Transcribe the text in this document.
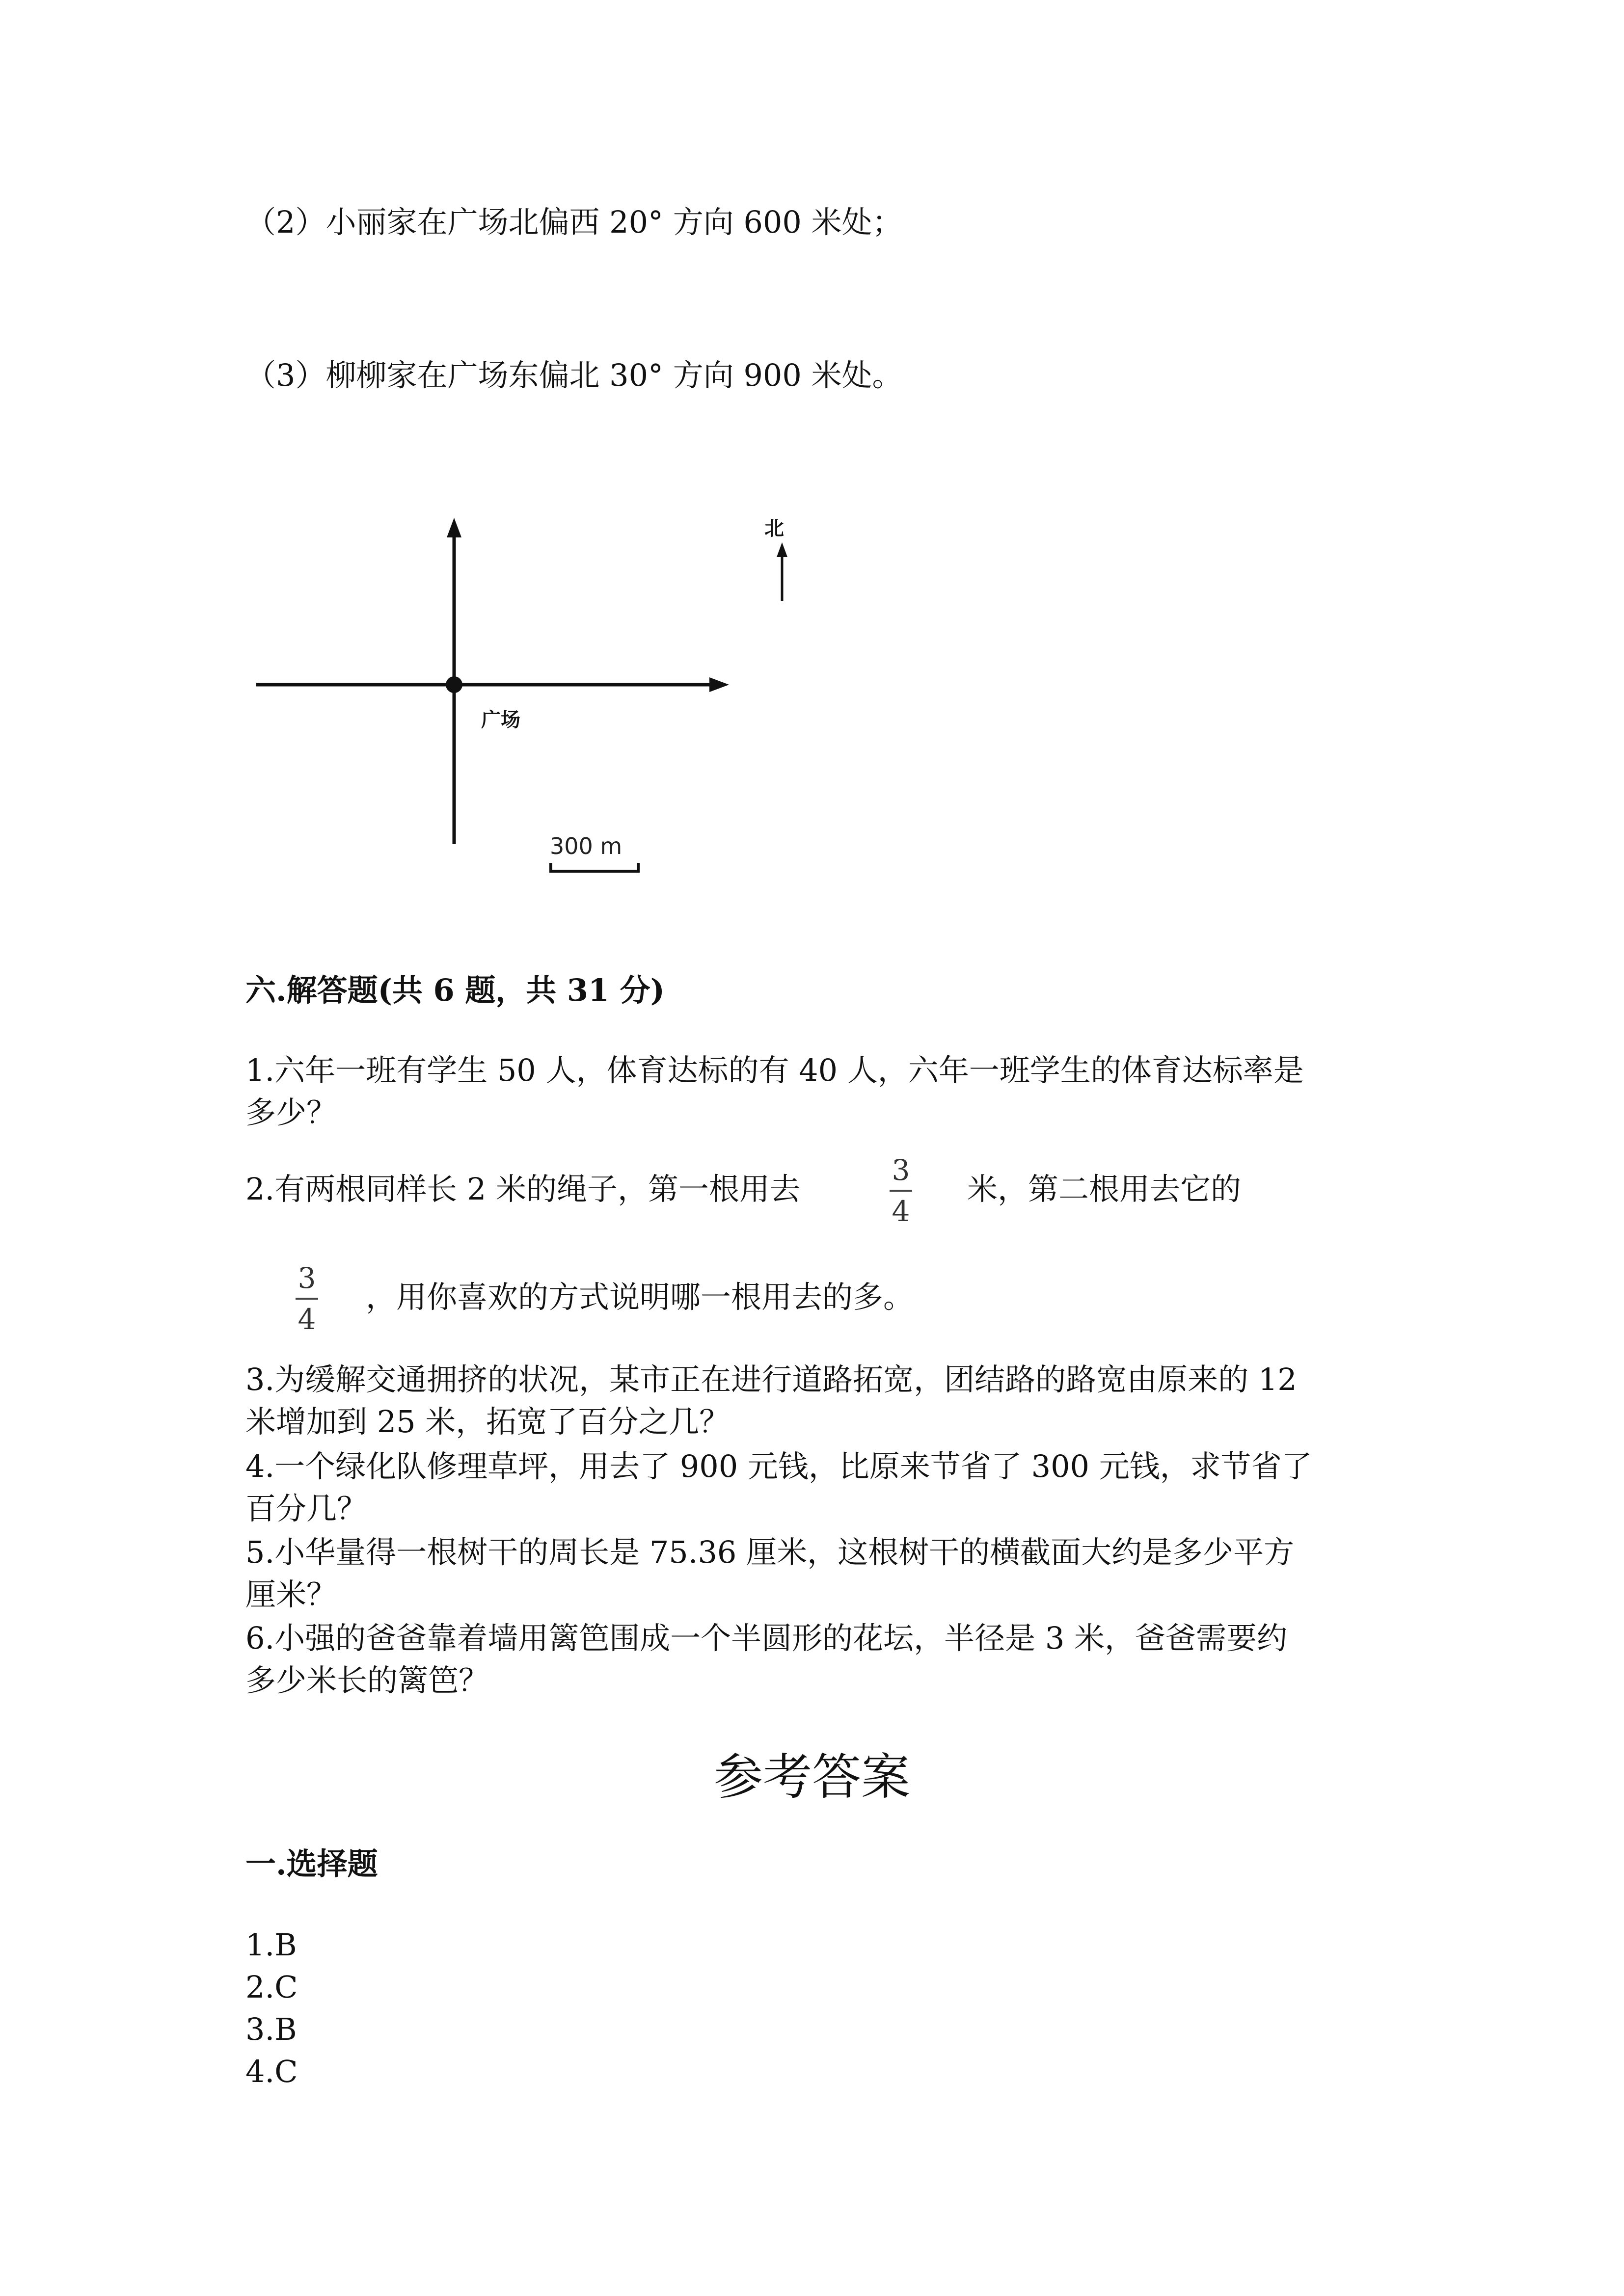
（2）小丽家在广场北偏西 20° 方向 600 米处；
（3）柳柳家在广场东偏北 30° 方向 900 米处。
广场
北
300 m
六.解答题(共 6 题，共 31 分)
1.六年一班有学生 50 人，体育达标的有 40 人，六年一班学生的体育达标率是
多少？
2.有两根同样长 2 米的绳子，第一根用去
3
4
米，第二根用去它的
3
4
，用你喜欢的方式说明哪一根用去的多。
3.为缓解交通拥挤的状况，某市正在进行道路拓宽，团结路的路宽由原来的 12
米增加到 25 米，拓宽了百分之几？
4.一个绿化队修理草坪，用去了 900 元钱，比原来节省了 300 元钱，求节省了
百分几？
5.小华量得一根树干的周长是 75.36 厘米，这根树干的横截面大约是多少平方
厘米？
6.小强的爸爸靠着墙用篱笆围成一个半圆形的花坛，半径是 3 米，爸爸需要约
多少米长的篱笆？
参考答案
一.选择题
1.B
2.C
3.B
4.C
